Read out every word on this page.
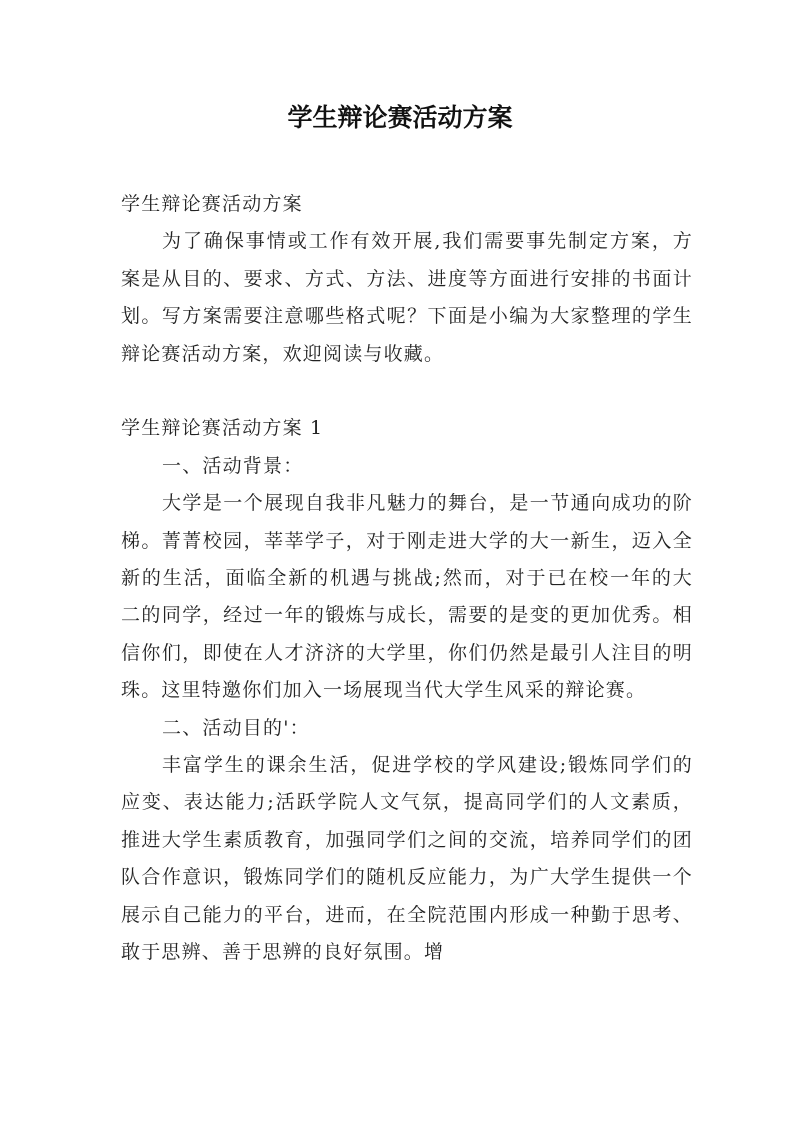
学生辩论赛活动方案

学生辩论赛活动方案

为了确保事情或工作有效开展,我们需要事先制定方案，方案是从目的、要求、方式、方法、进度等方面进行安排的书面计划。写方案需要注意哪些格式呢？下面是小编为大家整理的学生辩论赛活动方案，欢迎阅读与收藏。

学生辩论赛活动方案 1

一、活动背景：

大学是一个展现自我非凡魅力的舞台，是一节通向成功的阶梯。菁菁校园，莘莘学子，对于刚走进大学的大一新生，迈入全新的生活，面临全新的机遇与挑战;然而，对于已在校一年的大二的同学，经过一年的锻炼与成长，需要的是变的更加优秀。相信你们，即使在人才济济的大学里，你们仍然是最引人注目的明珠。这里特邀你们加入一场展现当代大学生风采的辩论赛。

二、活动目的'：

丰富学生的课余生活，促进学校的学风建设;锻炼同学们的应变、表达能力;活跃学院人文气氛，提高同学们的人文素质，推进大学生素质教育，加强同学们之间的交流，培养同学们的团队合作意识，锻炼同学们的随机反应能力，为广大学生提供一个展示自己能力的平台，进而，在全院范围内形成一种勤于思考、敢于思辨、善于思辨的良好氛围。增
